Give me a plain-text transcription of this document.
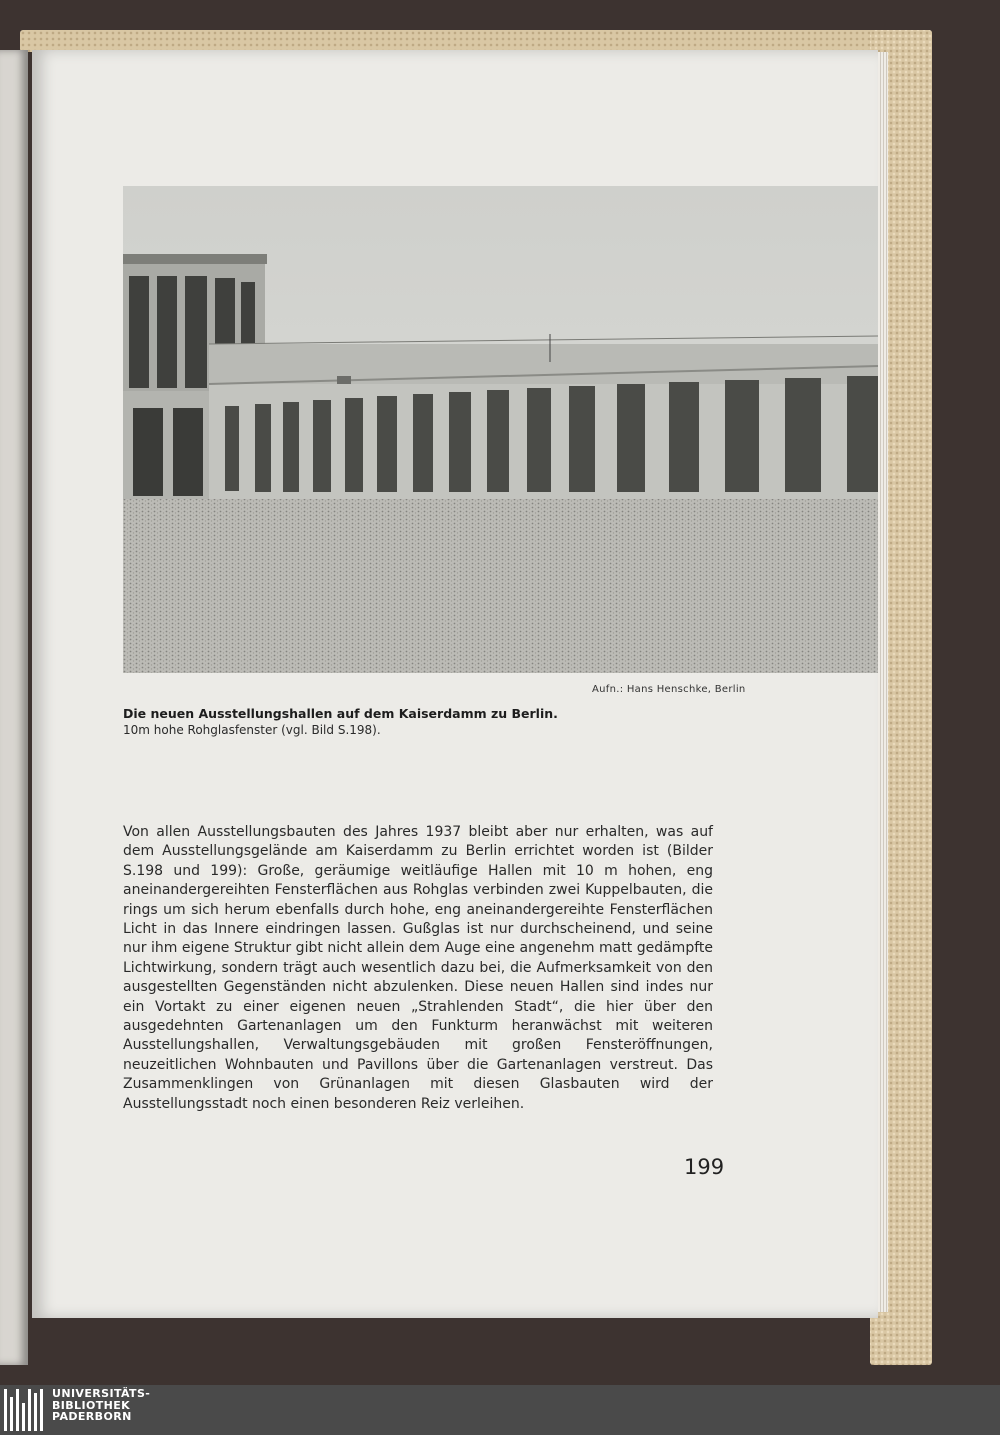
Aufn.: Hans Henschke, Berlin
Die neuen Ausstellungshallen auf dem Kaiserdamm zu Berlin.
10m hohe Rohglasfenster (vgl. Bild S.198).

Von allen Ausstellungsbauten des Jahres 1937 bleibt aber nur erhalten, was auf dem Ausstellungsgelände am Kaiserdamm zu Berlin errichtet worden ist (Bilder S.198 und 199): Große, geräumige weitläufige Hallen mit 10 m hohen, eng aneinandergereihten Fensterflächen aus Rohglas verbinden zwei Kuppelbauten, die rings um sich herum ebenfalls durch hohe, eng aneinandergereihte Fensterflächen Licht in das Innere eindringen lassen. Gußglas ist nur durchscheinend, und seine nur ihm eigene Struktur gibt nicht allein dem Auge eine angenehm matt gedämpfte Lichtwirkung, sondern trägt auch wesentlich dazu bei, die Aufmerksamkeit von den ausgestellten Gegenständen nicht abzulenken. Diese neuen Hallen sind indes nur ein Vortakt zu einer eigenen neuen „Strahlenden Stadt“, die hier über den ausgedehnten Gartenanlagen um den Funkturm heranwächst mit weiteren Ausstellungshallen, Verwaltungsgebäuden mit großen Fensteröffnungen, neuzeitlichen Wohnbauten und Pavillons über die Gartenanlagen verstreut. Das Zusammenklingen von Grünanlagen mit diesen Glasbauten wird der Ausstellungsstadt noch einen besonderen Reiz verleihen.

199
UNIVERSITÄTS-
BIBLIOTHEK
PADERBORN
